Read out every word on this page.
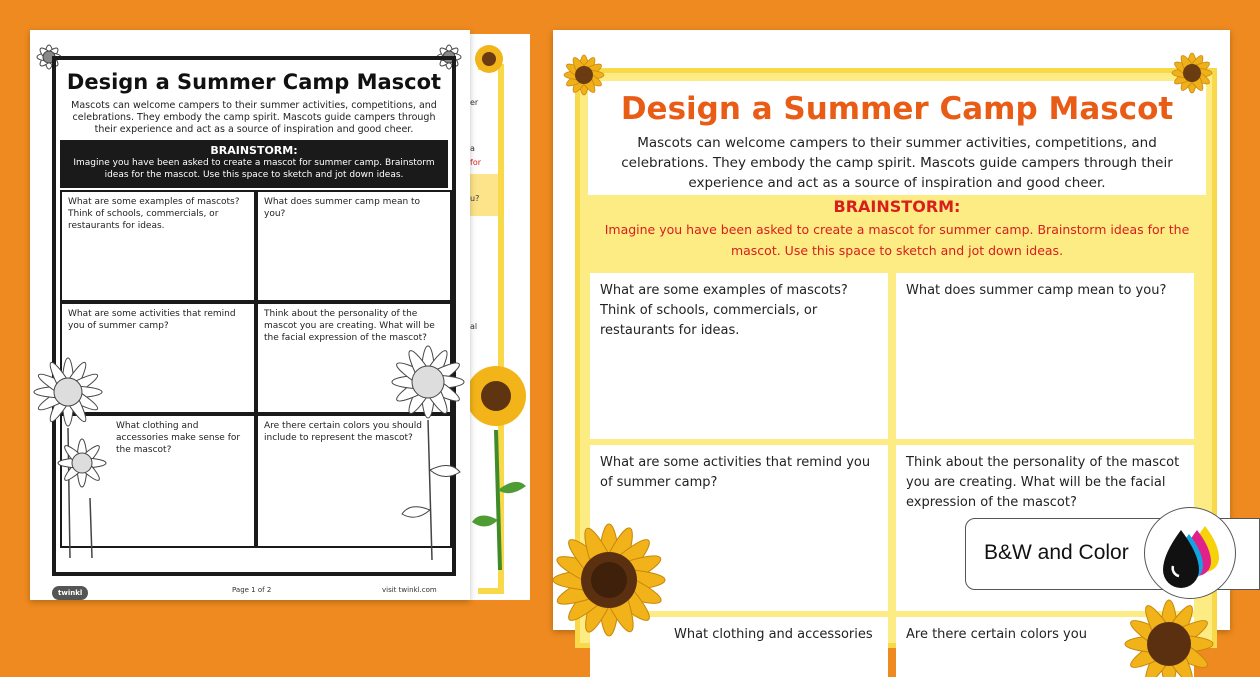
er
a
for
u?
al
Design a Summer Camp Mascot
Mascots can welcome campers to their summer activities, competitions, and celebrations. They embody the camp spirit. Mascots guide campers through their experience and act as a source of inspiration and good cheer.
BRAINSTORM:
Imagine you have been asked to create a mascot for summer camp. Brainstorm ideas for the mascot. Use this space to sketch and jot down ideas.
What are some examples of mascots? Think of schools, commercials, or restaurants for ideas.
What does summer camp mean to you?
What are some activities that remind you of summer camp?
Think about the personality of the mascot you are creating. What will be the facial expression of the mascot?
What clothing and accessories make sense for the mascot?
Are there certain colors you should include to represent the mascot?
twinkl	Page 1 of 2	visit twinkl.com
Design a Summer Camp Mascot
Mascots can welcome campers to their summer activities, competitions, and celebrations. They embody the camp spirit. Mascots guide campers through their experience and act as a source of inspiration and good cheer.
BRAINSTORM:
Imagine you have been asked to create a mascot for summer camp. Brainstorm ideas for the mascot. Use this space to sketch and jot down ideas.
What are some examples of mascots? Think of schools, commercials, or restaurants for ideas.
What does summer camp mean to you?
What are some activities that remind you of summer camp?
Think about the personality of the mascot you are creating. What will be the facial expression of the mascot?
What clothing and accessories	Are there certain colors you
B&W and Color
